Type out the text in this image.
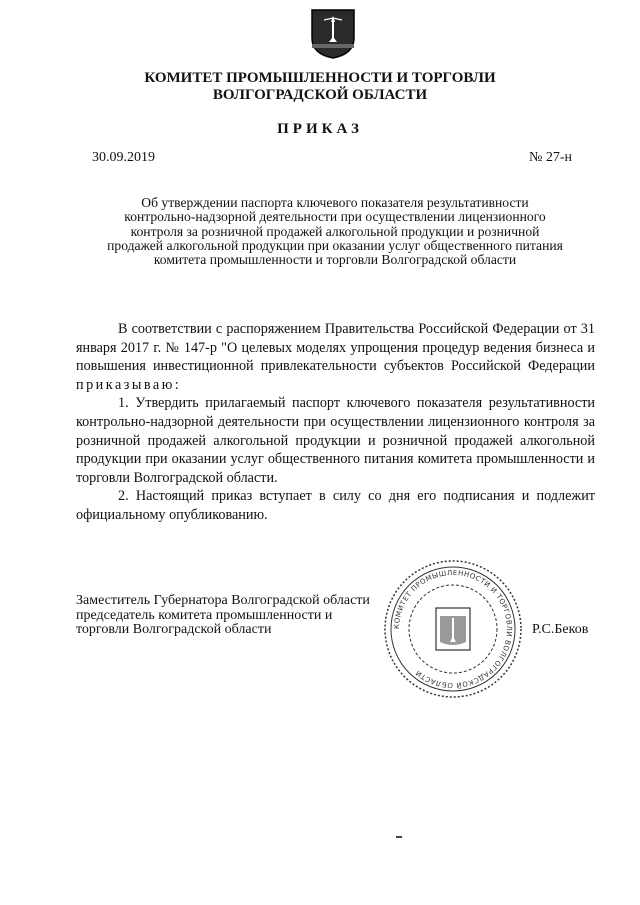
КОМИТЕТ ПРОМЫШЛЕННОСТИ И ТОРГОВЛИ
ВОЛГОГРАДСКОЙ ОБЛАСТИ
ПРИКАЗ
30.09.2019	№ 27-н
Об утверждении паспорта ключевого показателя результативности
контрольно-надзорной деятельности при осуществлении лицензионного
контроля за розничной продажей алкогольной продукции и розничной
продажей алкогольной продукции при оказании услуг общественного питания
комитета промышленности и торговли Волгоградской области

В соответствии с распоряжением Правительства Российской Федерации от 31 января 2017 г. № 147-р "О целевых моделях упрощения процедур ведения бизнеса и повышения инвестиционной привлекательности субъектов Российской Федерации приказываю:

1. Утвердить прилагаемый паспорт ключевого показателя результативности контрольно-надзорной деятельности при осуществлении лицензионного контроля за розничной продажей алкогольной продукции и розничной продажей алкогольной продукции при оказании услуг общественного питания комитета промышленности и торговли Волгоградской области.

2. Настоящий приказ вступает в силу со дня его подписания и подлежит официальному опубликованию.

Заместитель Губернатора Волгоградской области
председатель комитета промышленности и
торговли Волгоградской области	КОМИТЕТ ПРОМЫШЛЕННОСТИ И ТОРГОВЛИ ВОЛГОГРАДСКОЙ ОБЛАСТИ
Р.С.Беков
